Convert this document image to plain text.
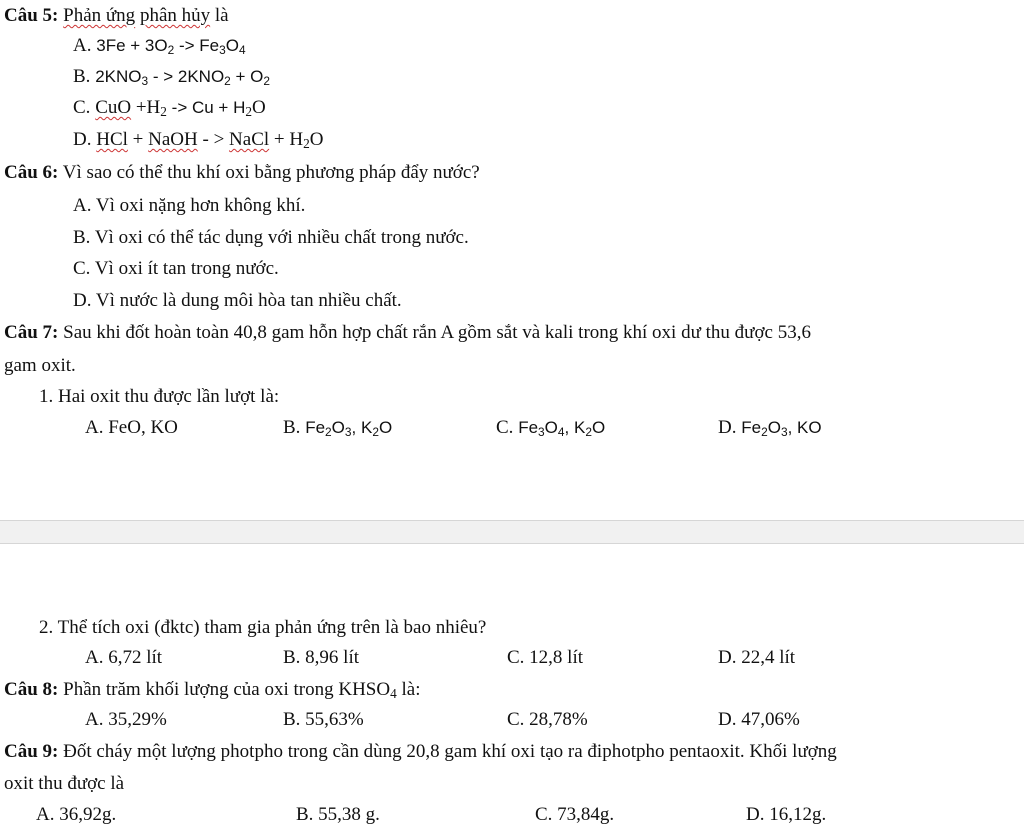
Câu 5: Phản ứng phân hủy là
A. $3Fe + 3O_2 -> Fe_3O_4$
B. $2KNO_3$ - > $2KNO_2 + O_2$
C. CuO $+H_2 -> Cu + H_2O$
D. HCl + NaOH - > NaCl + $H_2O$
Câu 6: Vì sao có thể thu khí oxi bằng phương pháp đẩy nước?
A. Vì oxi nặng hơn không khí.
B. Vì oxi có thể tác dụng với nhiều chất trong nước.
C. Vì oxi ít tan trong nước.
D. Vì nước là dung môi hòa tan nhiều chất.
Câu 7: Sau khi đốt hoàn toàn 40,8 gam hỗn hợp chất rắn A gồm sắt và kali trong khí oxi dư thu được 53,6
gam oxit.
1. Hai oxit thu được lần lượt là:
A. FeO, KO	B. $Fe_2O_3$, $K_2O$	C. $Fe_3O_4$, $K_2O$	D. $Fe_2O_3$, KO
2. Thể tích oxi (đktc) tham gia phản ứng trên là bao nhiêu?
A. 6,72 lít	B. 8,96 lít	C. 12,8 lít	D. 22,4 lít
Câu 8: Phần trăm khối lượng của oxi trong $KHSO_4$ là:
A. 35,29%	B. 55,63%	C. 28,78%	D. 47,06%
Câu 9: Đốt cháy một lượng photpho trong cần dùng 20,8 gam khí oxi tạo ra điphotpho pentaoxit. Khối lượng
oxit thu được là
A. 36,92g.	B. 55,38 g.	C. 73,84g.	D. 16,12g.
